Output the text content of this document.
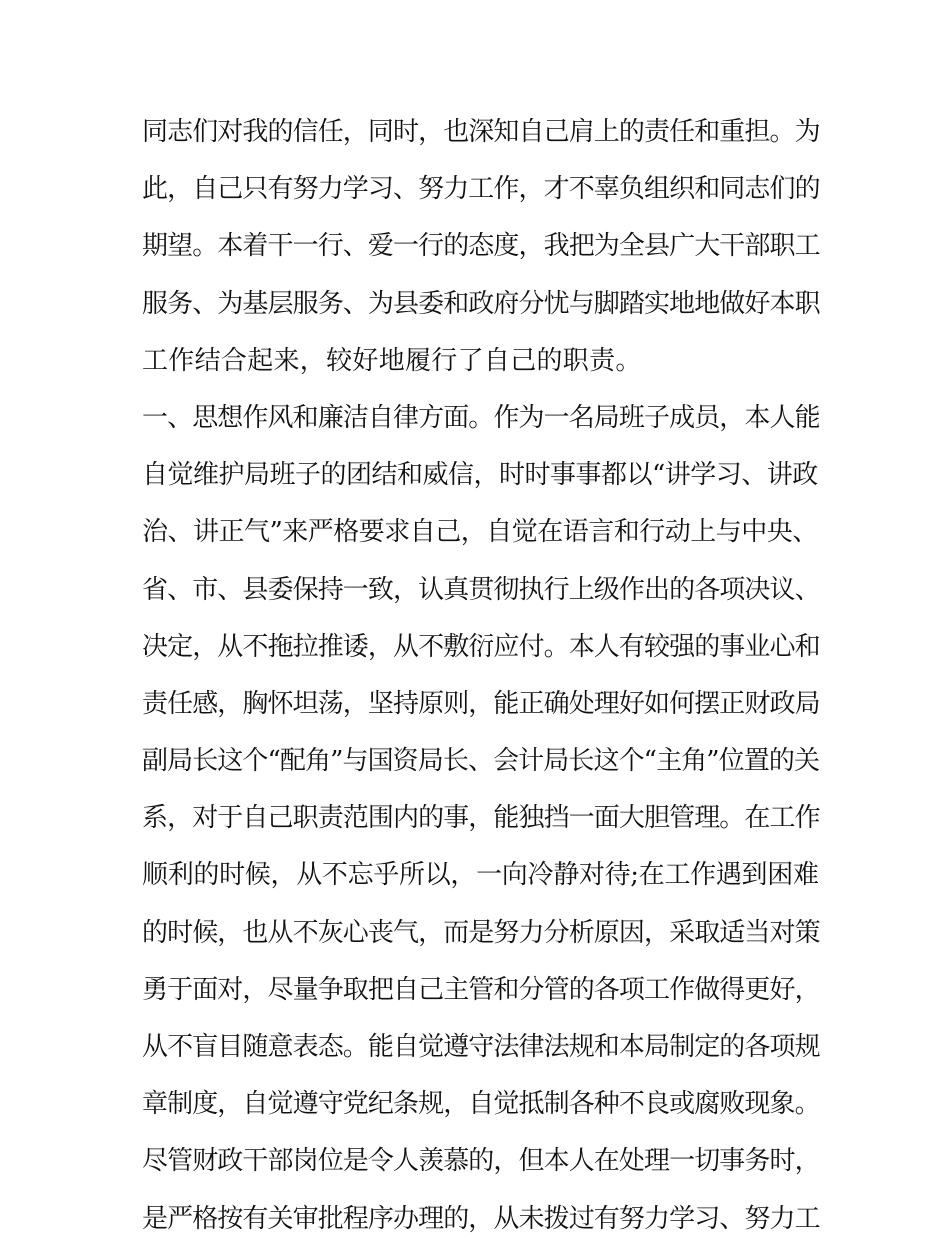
同志们对我的信任，同时，也深知自己肩上的责任和重担。为
此，自己只有努力学习、努力工作，才不辜负组织和同志们的
期望。本着干一行、爱一行的态度，我把为全县广大干部职工
服务、为基层服务、为县委和政府分忧与脚踏实地地做好本职
工作结合起来，较好地履行了自己的职责。
一、思想作风和廉洁自律方面。作为一名局班子成员，本人能
自觉维护局班子的团结和威信，时时事事都以“讲学习、讲政
治、讲正气”来严格要求自己，自觉在语言和行动上与中央、
省、市、县委保持一致，认真贯彻执行上级作出的各项决议、
决定，从不拖拉推诿，从不敷衍应付。本人有较强的事业心和
责任感，胸怀坦荡，坚持原则，能正确处理好如何摆正财政局
副局长这个“配角”与国资局长、会计局长这个“主角”位置的关
系，对于自己职责范围内的事，能独挡一面大胆管理。在工作
顺利的时候，从不忘乎所以，一向冷静对待;在工作遇到困难
的时候，也从不灰心丧气，而是努力分析原因，采取适当对策
勇于面对，尽量争取把自己主管和分管的各项工作做得更好，
从不盲目随意表态。能自觉遵守法律法规和本局制定的各项规
章制度，自觉遵守党纪条规，自觉抵制各种不良或腐败现象。
尽管财政干部岗位是令人羡慕的，但本人在处理一切事务时，
是严格按有关审批程序办理的，从未拨过有努力学习、努力工
